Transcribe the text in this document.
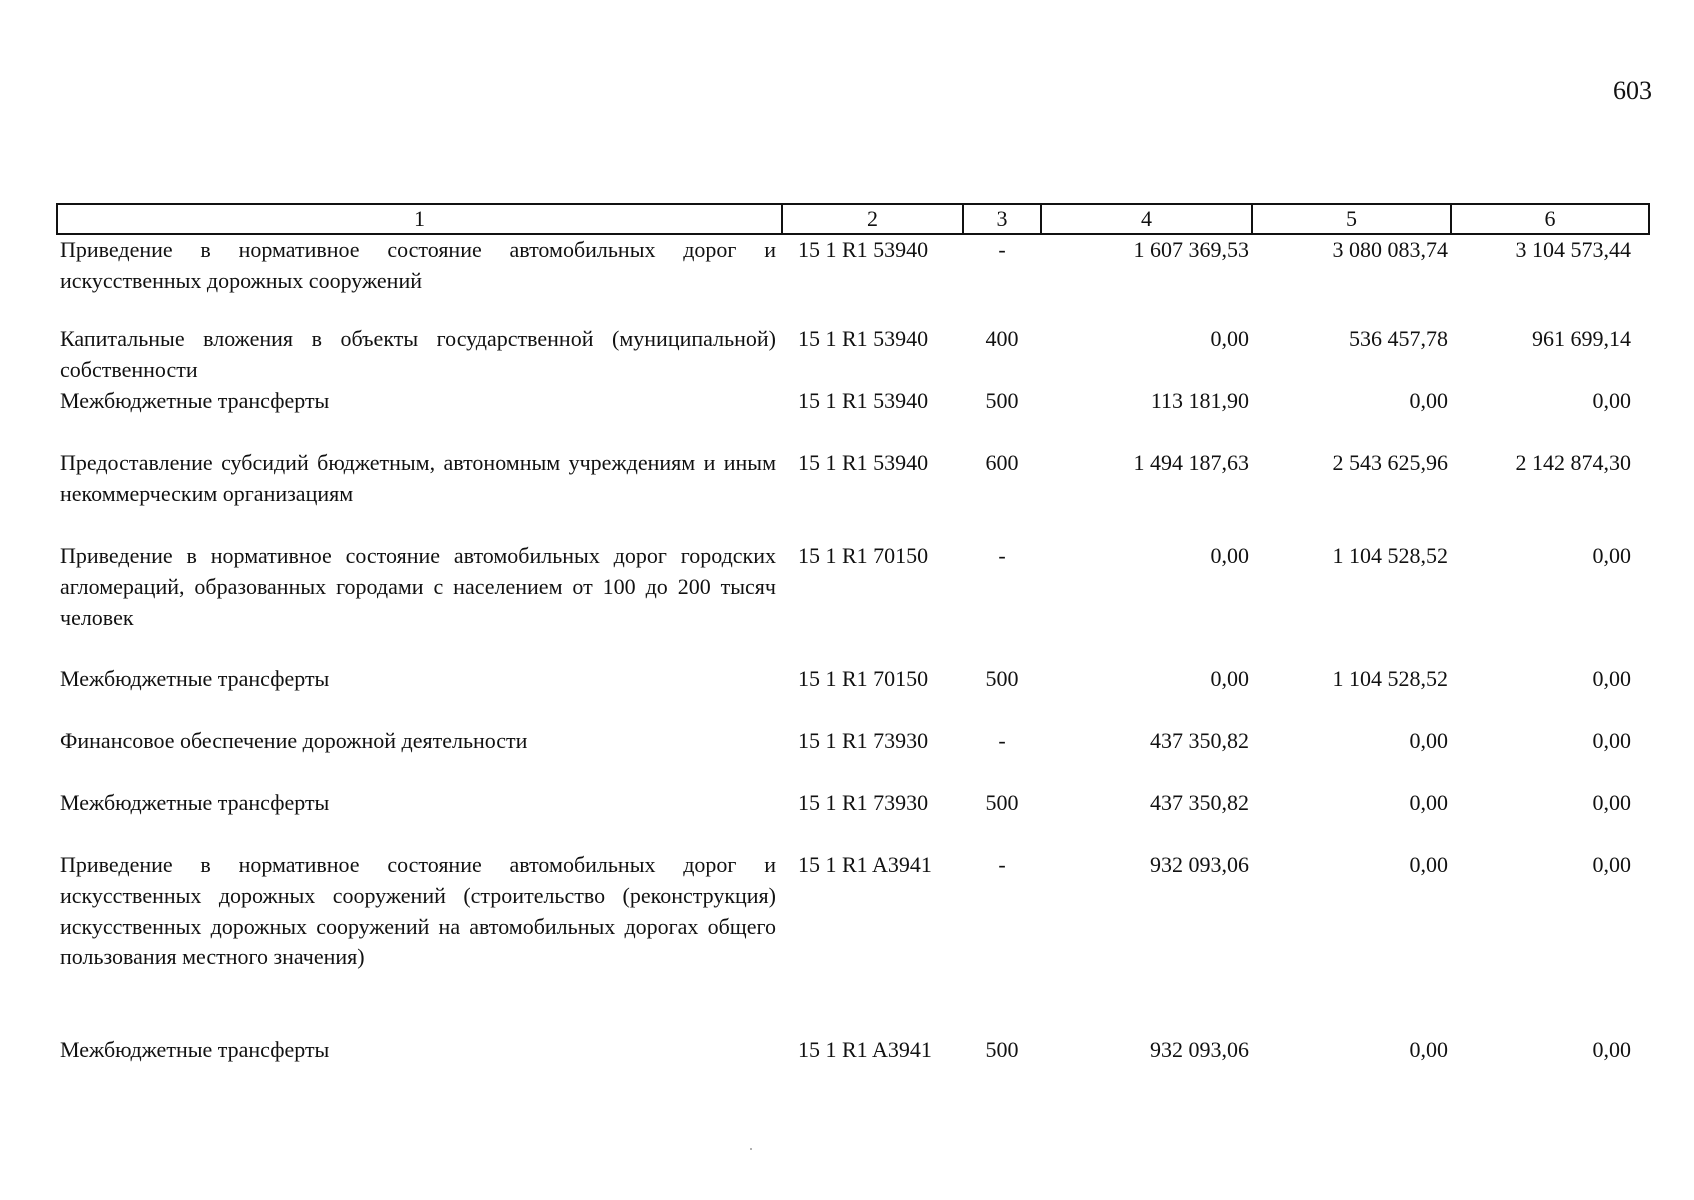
603
1	2	3	4	5	6
Приведение в нормативное состояние автомобильных дорог и искусственных дорожных сооружений	15 1 R1 53940	-	1 607 369,53	3 080 083,74	3 104 573,44
Капитальные вложения в объекты государственной (муниципальной) собственности	15 1 R1 53940	400	0,00	536 457,78	961 699,14
Межбюджетные трансферты	15 1 R1 53940	500	113 181,90	0,00	0,00
Предоставление субсидий бюджетным, автономным учреждениям и иным некоммерческим организациям	15 1 R1 53940	600	1 494 187,63	2 543 625,96	2 142 874,30
Приведение в нормативное состояние автомобильных дорог городских агломераций, образованных городами с населением от 100 до 200 тысяч человек	15 1 R1 70150	-	0,00	1 104 528,52	0,00
Межбюджетные трансферты	15 1 R1 70150	500	0,00	1 104 528,52	0,00
Финансовое обеспечение дорожной деятельности	15 1 R1 73930	-	437 350,82	0,00	0,00
Межбюджетные трансферты	15 1 R1 73930	500	437 350,82	0,00	0,00
Приведение в нормативное состояние автомобильных дорог и искусственных дорожных сооружений (строительство (реконструкция) искусственных дорожных сооружений на автомобильных дорогах общего пользования местного значения)	15 1 R1 A3941	-	932 093,06	0,00	0,00
Межбюджетные трансферты	15 1 R1 A3941	500	932 093,06	0,00	0,00
